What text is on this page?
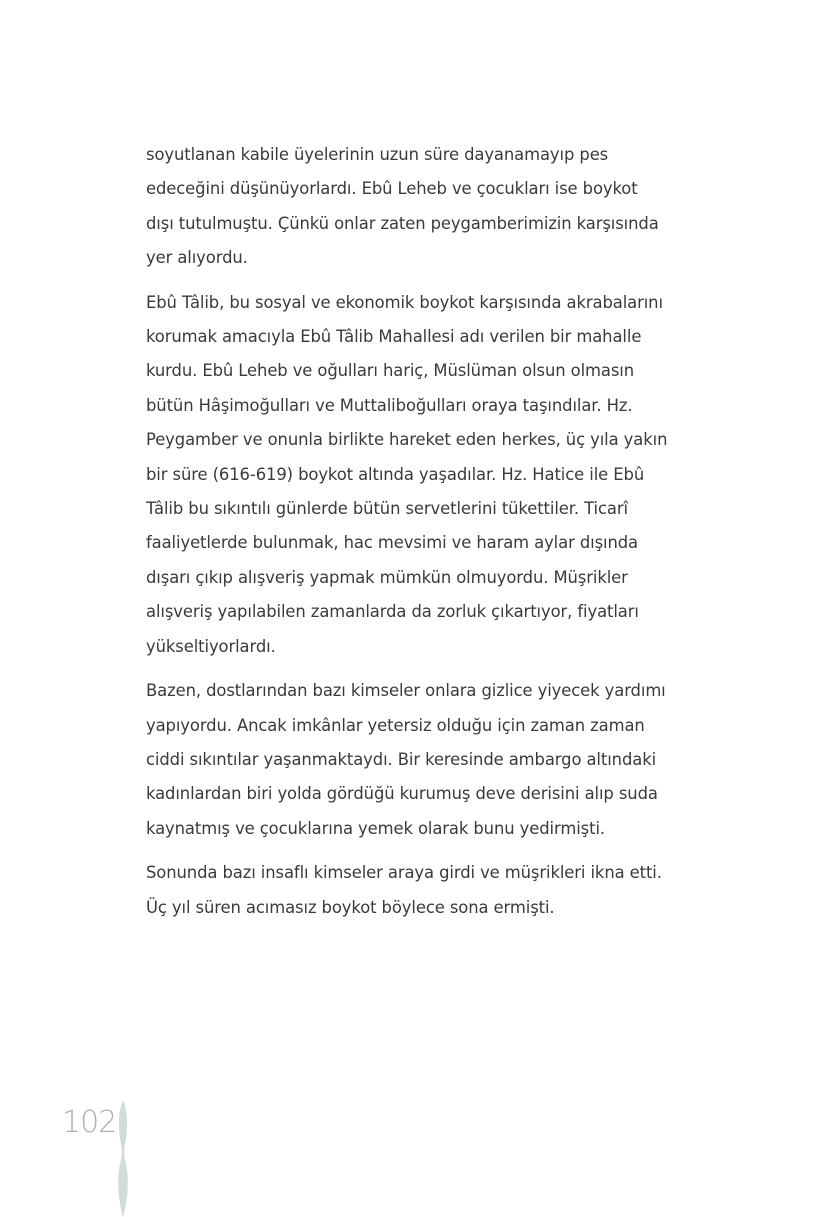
soyutlanan kabile üyelerinin uzun süre dayanamayıp pes
edeceğini düşünüyorlardı. Ebû Leheb ve çocukları ise boykot
dışı tutulmuştu. Çünkü onlar zaten peygamberimizin karşısında
yer alıyordu.

Ebû Tâlib, bu sosyal ve ekonomik boykot karşısında akrabalarını
korumak amacıyla Ebû Tâlib Mahallesi adı verilen bir mahalle
kurdu. Ebû Leheb ve oğulları hariç, Müslüman olsun olmasın
bütün Hâşimoğulları ve Muttaliboğulları oraya taşındılar. Hz.
Peygamber ve onunla birlikte hareket eden herkes, üç yıla yakın
bir süre (616-619) boykot altında yaşadılar. Hz. Hatice ile Ebû
Tâlib bu sıkıntılı günlerde bütün servetlerini tükettiler. Ticarî
faaliyetlerde bulunmak, hac mevsimi ve haram aylar dışında
dışarı çıkıp alışveriş yapmak mümkün olmuyordu. Müşrikler
alışveriş yapılabilen zamanlarda da zorluk çıkartıyor, fiyatları
yükseltiyorlardı.

Bazen, dostlarından bazı kimseler onlara gizlice yiyecek yardımı
yapıyordu. Ancak imkânlar yetersiz olduğu için zaman zaman
ciddi sıkıntılar yaşanmaktaydı. Bir keresinde ambargo altındaki
kadınlardan biri yolda gördüğü kurumuş deve derisini alıp suda
kaynatmış ve çocuklarına yemek olarak bunu yedirmişti.

Sonunda bazı insaflı kimseler araya girdi ve müşrikleri ikna etti.
Üç yıl süren acımasız boykot böylece sona ermişti.

102
